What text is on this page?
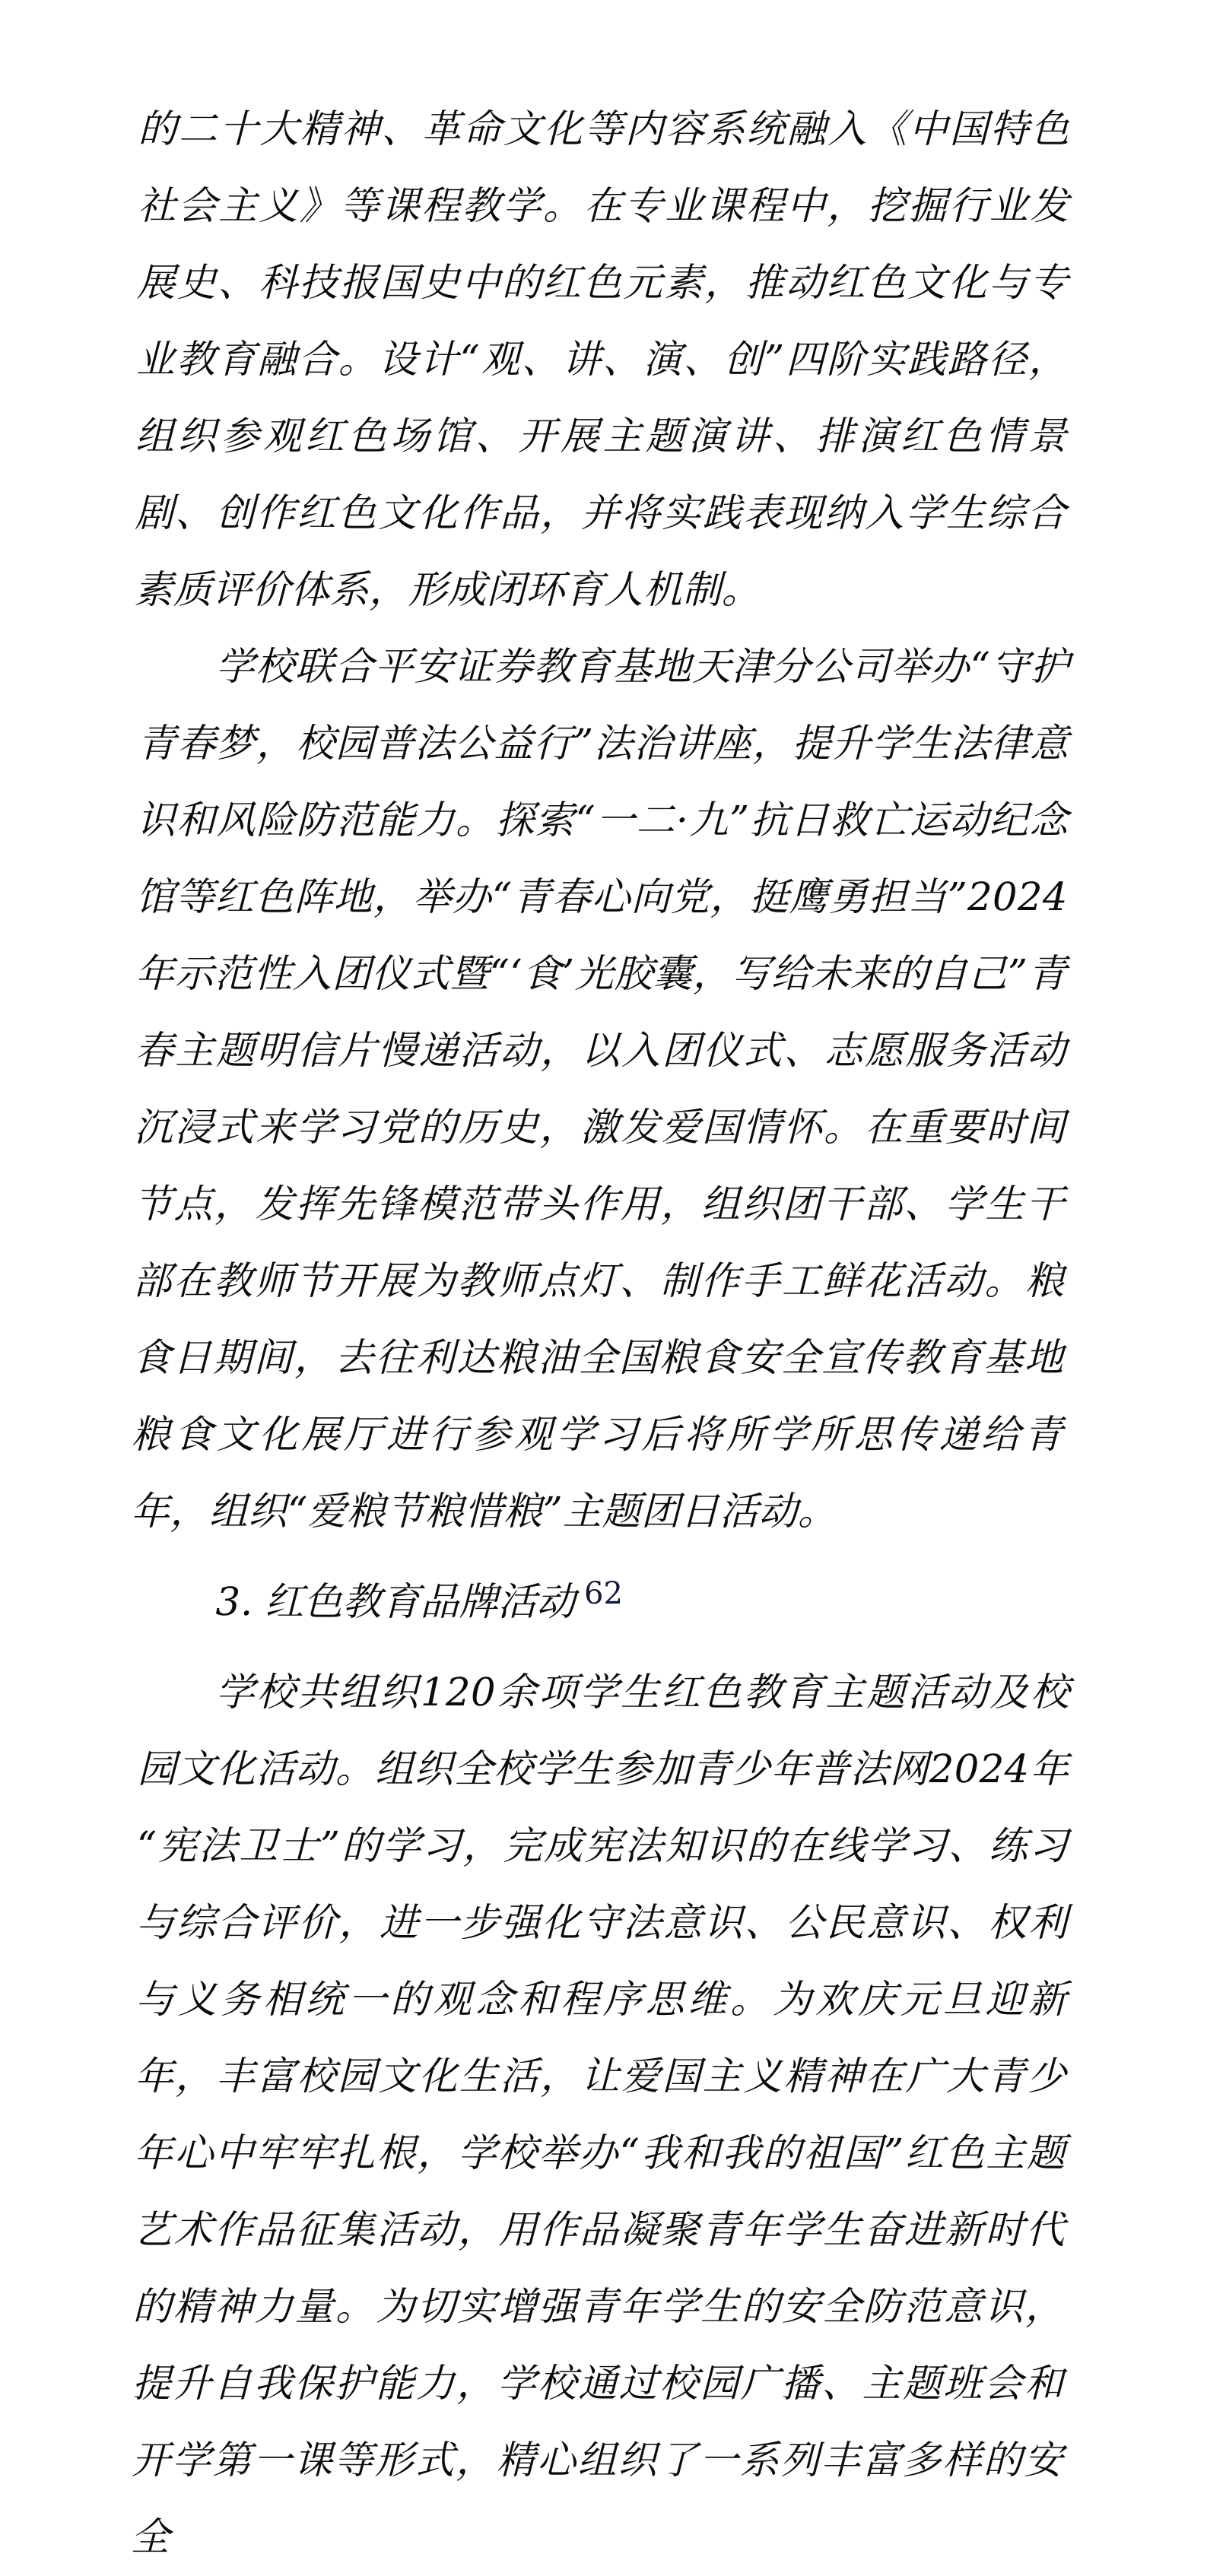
的二十大精神、革命文化等内容系统融入《中国特色社会主义》等课程教学。在专业课程中，挖掘行业发展史、科技报国史中的红色元素，推动红色文化与专业教育融合。设计“观、讲、演、创”四阶实践路径，组织参观红色场馆、开展主题演讲、排演红色情景剧、创作红色文化作品，并将实践表现纳入学生综合素质评价体系，形成闭环育人机制。

学校联合平安证券教育基地天津分公司举办“守护青春梦，校园普法公益行”法治讲座，提升学生法律意识和风险防范能力。探索“一二·九”抗日救亡运动纪念馆等红色阵地，举办“青春心向党，挺鹰勇担当”2024年示范性入团仪式暨“‘食’光胶囊，写给未来的自己”青春主题明信片慢递活动，以入团仪式、志愿服务活动沉浸式来学习党的历史，激发爱国情怀。在重要时间节点，发挥先锋模范带头作用，组织团干部、学生干部在教师节开展为教师点灯、制作手工鲜花活动。粮食日期间，去往利达粮油全国粮食安全宣传教育基地粮食文化展厅进行参观学习后将所学所思传递给青年，组织“爱粮节粮惜粮”主题团日活动。

3. 红色教育品牌活动

学校共组织120余项学生红色教育主题活动及校园文化活动。组织全校学生参加青少年普法网2024年“宪法卫士”的学习，完成宪法知识的在线学习、练习与综合评价，进一步强化守法意识、公民意识、权利与义务相统一的观念和程序思维。为欢庆元旦迎新年，丰富校园文化生活，让爱国主义精神在广大青少年心中牢牢扎根，学校举办“我和我的祖国”红色主题艺术作品征集活动，用作品凝聚青年学生奋进新时代的精神力量。为切实增强青年学生的安全防范意识，提升自我保护能力，学校通过校园广播、主题班会和开学第一课等形式，精心组织了一系列丰富多样的安全

62
